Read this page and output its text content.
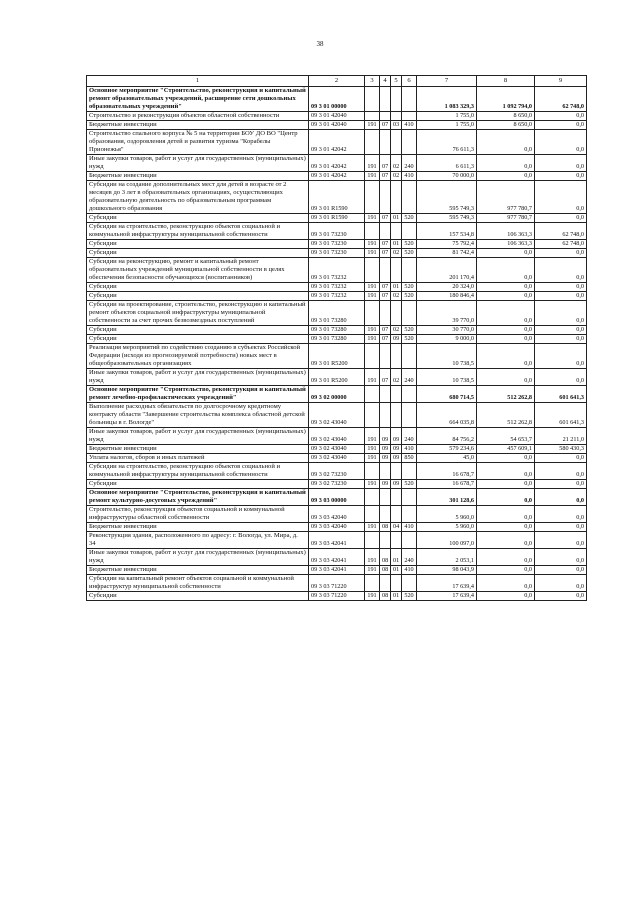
38
1	2	3	4	5	6	7	8	9
Основное мероприятие "Строительство, реконструкция и капитальный ремонт образовательных учреждений, расширение сети дошкольных образовательных учреждений"	09 3 01 00000					1 083 329,3	1 092 794,0	62 748,0
Строительство и реконструкция объектов областной собственности	09 3 01 42040					1 755,0	8 650,0	0,0
Бюджетные инвестиции	09 3 01 42040	191	07	03	410	1 755,0	8 650,0	0,0
Строительство спального корпуса № 5 на территории БОУ ДО ВО "Центр образования, оздоровления детей и развития туризма "Корабелы Прионежья"	09 3 01 42042					76 611,3	0,0	0,0
Иные закупки товаров, работ и услуг для государственных (муниципальных) нужд	09 3 01 42042	191	07	02	240	6 611,3	0,0	0,0
Бюджетные инвестиции	09 3 01 42042	191	07	02	410	70 000,0	0,0	0,0
Субсидии на создание дополнительных мест для детей в возрасте от 2 месяцев до 3 лет в образовательных организациях, осуществляющих образовательную деятельность по образовательным программам дошкольного образования	09 3 01 R1590					595 749,3	977 780,7	0,0
Субсидии	09 3 01 R1590	191	07	01	520	595 749,3	977 780,7	0,0
Субсидии на строительство, реконструкцию объектов социальной и коммунальной инфраструктуры муниципальной собственности	09 3 01 73230					157 534,8	106 363,3	62 748,0
Субсидии	09 3 01 73230	191	07	01	520	75 792,4	106 363,3	62 748,0
Субсидии	09 3 01 73230	191	07	02	520	81 742,4	0,0	0,0
Субсидии на реконструкцию, ремонт и капитальный ремонт образовательных учреждений муниципальной собственности в целях обеспечения безопасности обучающихся (воспитанников)	09 3 01 73232					201 170,4	0,0	0,0
Субсидии	09 3 01 73232	191	07	01	520	20 324,0	0,0	0,0
Субсидии	09 3 01 73232	191	07	02	520	180 846,4	0,0	0,0
Субсидии на проектирование, строительство, реконструкцию и капитальный ремонт объектов социальной инфраструктуры муниципальной собственности за счет прочих безвозмездных поступлений	09 3 01 73280					39 770,0	0,0	0,0
Субсидии	09 3 01 73280	191	07	02	520	30 770,0	0,0	0,0
Субсидии	09 3 01 73280	191	07	09	520	9 000,0	0,0	0,0
Реализация мероприятий по содействию созданию в субъектах Российской Федерации (исходя из прогнозируемой потребности) новых мест в общеобразовательных организациях	09 3 01 R5200					10 738,5	0,0	0,0
Иные закупки товаров, работ и услуг для государственных (муниципальных) нужд	09 3 01 R5200	191	07	02	240	10 738,5	0,0	0,0
Основное мероприятие "Строительство, реконструкция и капитальный ремонт лечебно-профилактических учреждений"	09 3 02 00000					680 714,5	512 262,8	601 641,3
Выполнение расходных обязательств по долгосрочному кредитному контракту области "Завершение строительства комплекса областной детской больницы в г. Вологде"	09 3 02 43040					664 035,8	512 262,8	601 641,3
Иные закупки товаров, работ и услуг для государственных (муниципальных) нужд	09 3 02 43040	191	09	09	240	84 756,2	54 653,7	21 211,0
Бюджетные инвестиции	09 3 02 43040	191	09	09	410	579 234,6	457 609,1	580 430,3
Уплата налогов, сборов и иных платежей	09 3 02 43040	191	09	09	850	45,0	0,0	0,0
Субсидии на строительство, реконструкцию объектов социальной и коммунальной инфраструктуры муниципальной собственности	09 3 02 73230					16 678,7	0,0	0,0
Субсидии	09 3 02 73230	191	09	09	520	16 678,7	0,0	0,0
Основное мероприятие "Строительство, реконструкция и капитальный ремонт культурно-досуговых учреждений"	09 3 03 00000					301 128,6	0,0	0,0
Строительство, реконструкция объектов социальной и коммунальной инфраструктуры областной собственности	09 3 03 42040					5 960,0	0,0	0,0
Бюджетные инвестиции	09 3 03 42040	191	08	04	410	5 960,0	0,0	0,0
Реконструкция здания, расположенного по адресу: г. Вологда, ул. Мира, д. 34	09 3 03 42041					100 097,0	0,0	0,0
Иные закупки товаров, работ и услуг для государственных (муниципальных) нужд	09 3 03 42041	191	08	01	240	2 053,1	0,0	0,0
Бюджетные инвестиции	09 3 03 42041	191	08	01	410	98 043,9	0,0	0,0
Субсидии на капитальный ремонт объектов социальной и коммунальной инфраструктур муниципальной собственности	09 3 03 71220					17 639,4	0,0	0,0
Субсидии	09 3 03 71220	191	08	01	520	17 639,4	0,0	0,0
